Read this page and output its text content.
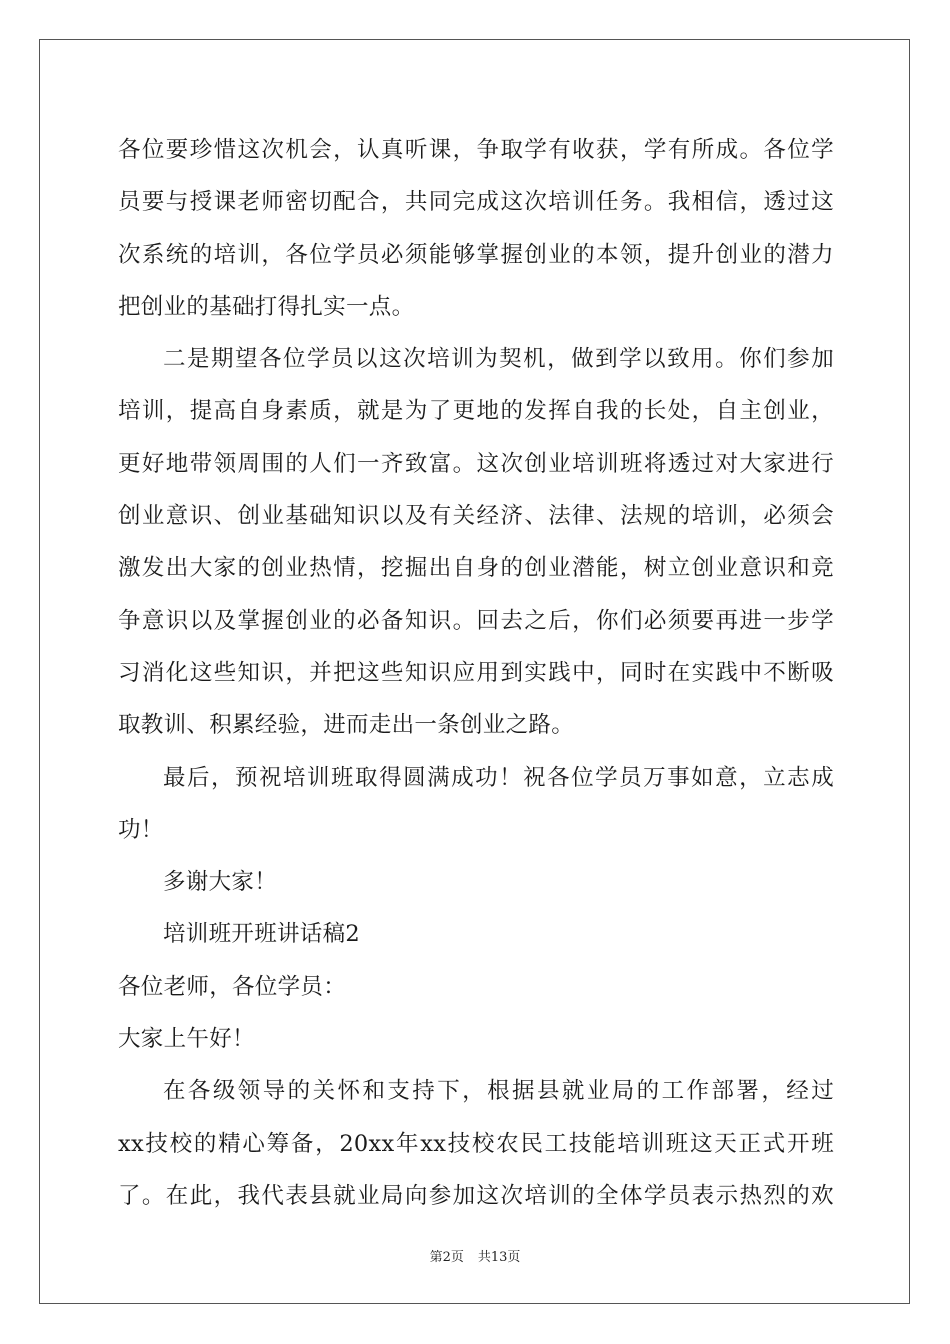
各位要珍惜这次机会，认真听课，争取学有收获，学有所成。各位学
员要与授课老师密切配合，共同完成这次培训任务。我相信，透过这
次系统的培训，各位学员必须能够掌握创业的本领，提升创业的潜力
把创业的基础打得扎实一点。
二是期望各位学员以这次培训为契机，做到学以致用。你们参加
培训，提高自身素质，就是为了更地的发挥自我的长处，自主创业，
更好地带领周围的人们一齐致富。这次创业培训班将透过对大家进行
创业意识、创业基础知识以及有关经济、法律、法规的培训，必须会
激发出大家的创业热情，挖掘出自身的创业潜能，树立创业意识和竞
争意识以及掌握创业的必备知识。回去之后，你们必须要再进一步学
习消化这些知识，并把这些知识应用到实践中，同时在实践中不断吸
取教训、积累经验，进而走出一条创业之路。
最后，预祝培训班取得圆满成功！祝各位学员万事如意，立志成
功！
多谢大家！
培训班开班讲话稿2
各位老师，各位学员：
大家上午好！
在各级领导的关怀和支持下，根据县就业局的工作部署，经过
xx技校的精心筹备，20xx年xx技校农民工技能培训班这天正式开班
了。在此，我代表县就业局向参加这次培训的全体学员表示热烈的欢
第2页 共13页
